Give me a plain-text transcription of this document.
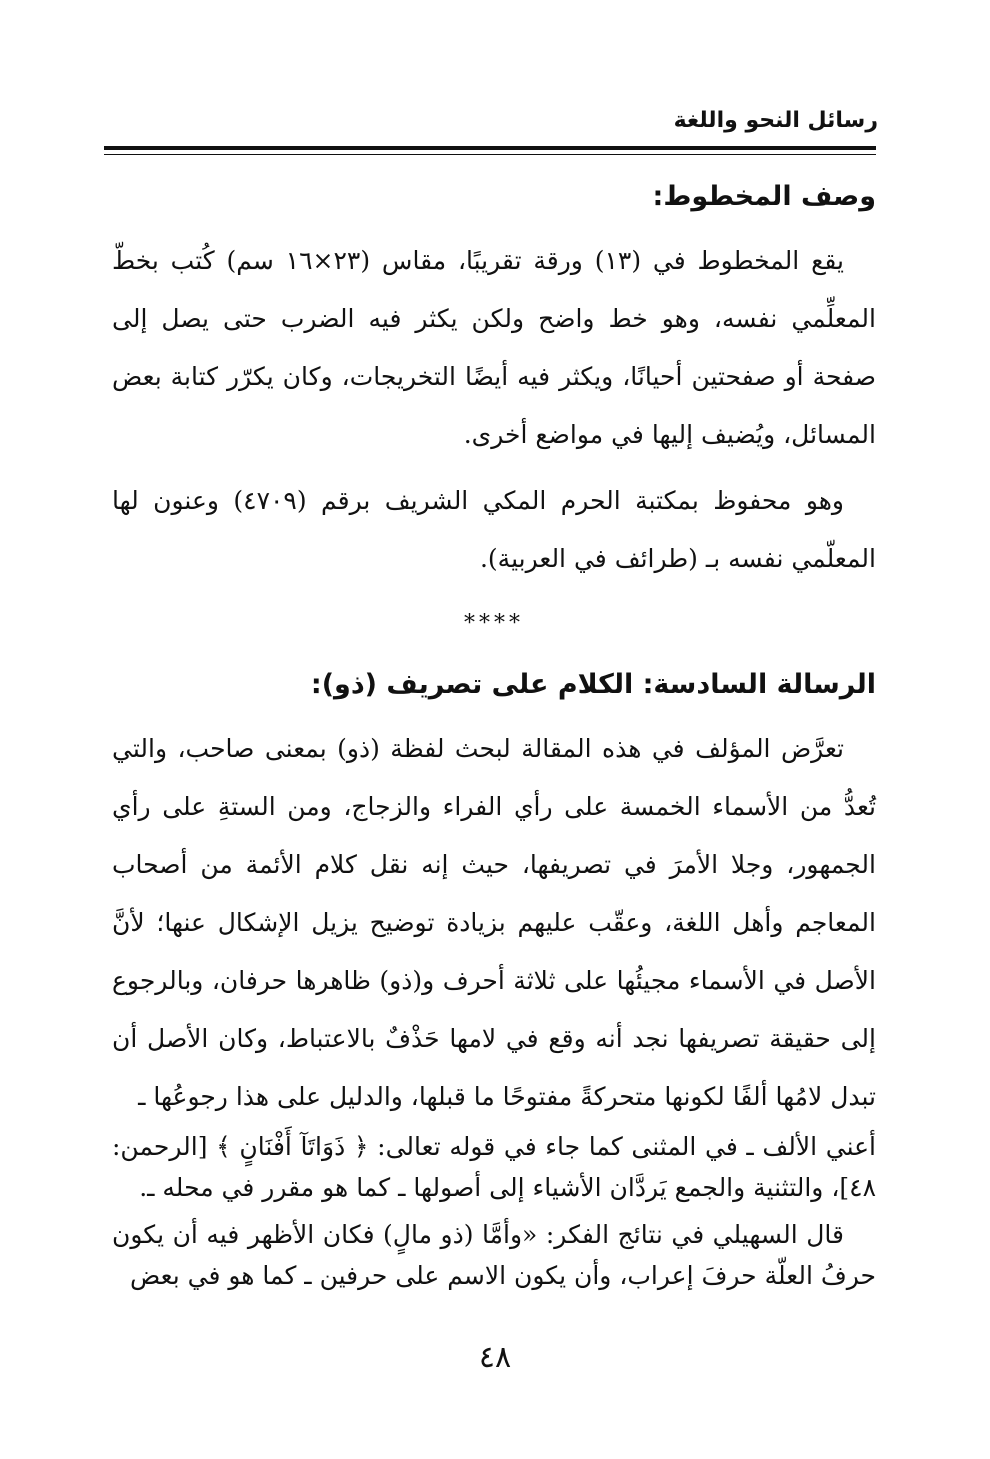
رسائل النحو واللغة

وصف المخطوط:

يقع المخطوط في (١٣) ورقة تقريبًا، مقاس (٢٣×١٦ سم) كُتب بخطّ المعلِّمي نفسه، وهو خط واضح ولكن يكثر فيه الضرب حتى يصل إلى صفحة أو صفحتين أحيانًا، ويكثر فيه أيضًا التخريجات، وكان يكرّر كتابة بعض المسائل، ويُضيف إليها في مواضع أخرى.

وهو محفوظ بمكتبة الحرم المكي الشريف برقم (٤٧٠٩) وعنون لها المعلّمي نفسه بـ (طرائف في العربية).

****

الرسالة السادسة: الكلام على تصريف (ذو):

تعرَّض المؤلف في هذه المقالة لبحث لفظة (ذو) بمعنى صاحب، والتي تُعدُّ من الأسماء الخمسة على رأي الفراء والزجاج، ومن الستةِ على رأي الجمهور، وجلا الأمرَ في تصريفها، حيث إنه نقل كلام الأئمة من أصحاب المعاجم وأهل اللغة، وعقّب عليهم بزيادة توضيح يزيل الإشكال عنها؛ لأنَّ الأصل في الأسماء مجيئُها على ثلاثة أحرف و(ذو) ظاهرها حرفان، وبالرجوع إلى حقيقة تصريفها نجد أنه وقع في لامها حَذْفٌ بالاعتباط، وكان الأصل أن تبدل لامُها ألفًا لكونها متحركةً مفتوحًا ما قبلها، والدليل على هذا رجوعُها ـ

أعني الألف ـ في المثنى كما جاء في قوله تعالى: ﴿ ذَوَاتَآ أَفْنَانٍ ﴾ [الرحمن: ٤٨]، والتثنية والجمع يَردَّان الأشياء إلى أصولها ـ كما هو مقرر في محله ـ.

قال السهيلي في نتائج الفكر: «وأمَّا (ذو مالٍ) فكان الأظهر فيه أن يكون حرفُ العلّة حرفَ إعراب، وأن يكون الاسم على حرفين ـ كما هو في بعض

٤٨
